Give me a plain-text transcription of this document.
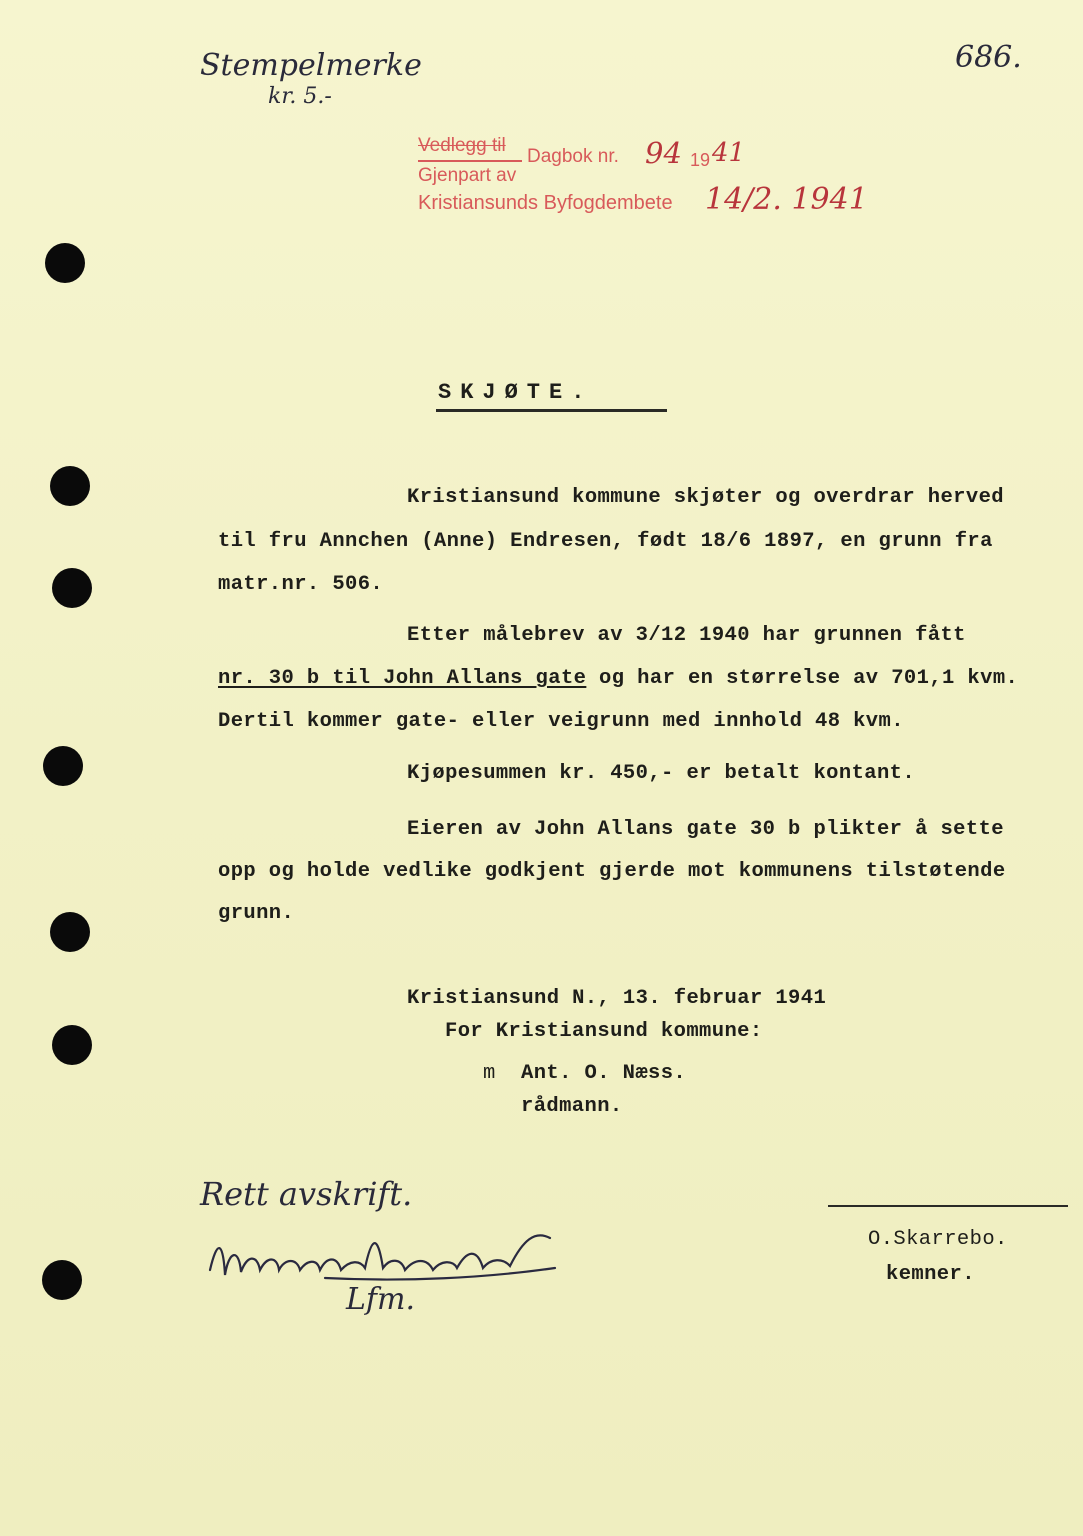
Stempelmerke
kr. 5.-
686.
Vedlegg til
Dagbok nr. 94 19 41
Gjenpart av
Kristiansunds Byfogdembete 14/2. 1941
SKJØTE.
Kristiansund kommune skjøter og overdrar herved
til fru Annchen (Anne) Endresen, født 18/6 1897, en grunn fra
matr.nr. 506.
Etter målebrev av 3/12 1940 har grunnen fått
nr. 30 b til John Allans gate og har en størrelse av 701,1 kvm.
Dertil kommer gate- eller veigrunn med innhold 48 kvm.
Kjøpesummen kr. 450,- er betalt kontant.
Eieren av John Allans gate 30 b plikter å sette
opp og holde vedlike godkjent gjerde mot kommunens tilstøtende
grunn.
Kristiansund N., 13. februar 1941
For Kristiansund kommune:
m Ant. O. Næss.
rådmann.
Rett avskrift.
Lfm.
O.Skarrebo.
kemner.
